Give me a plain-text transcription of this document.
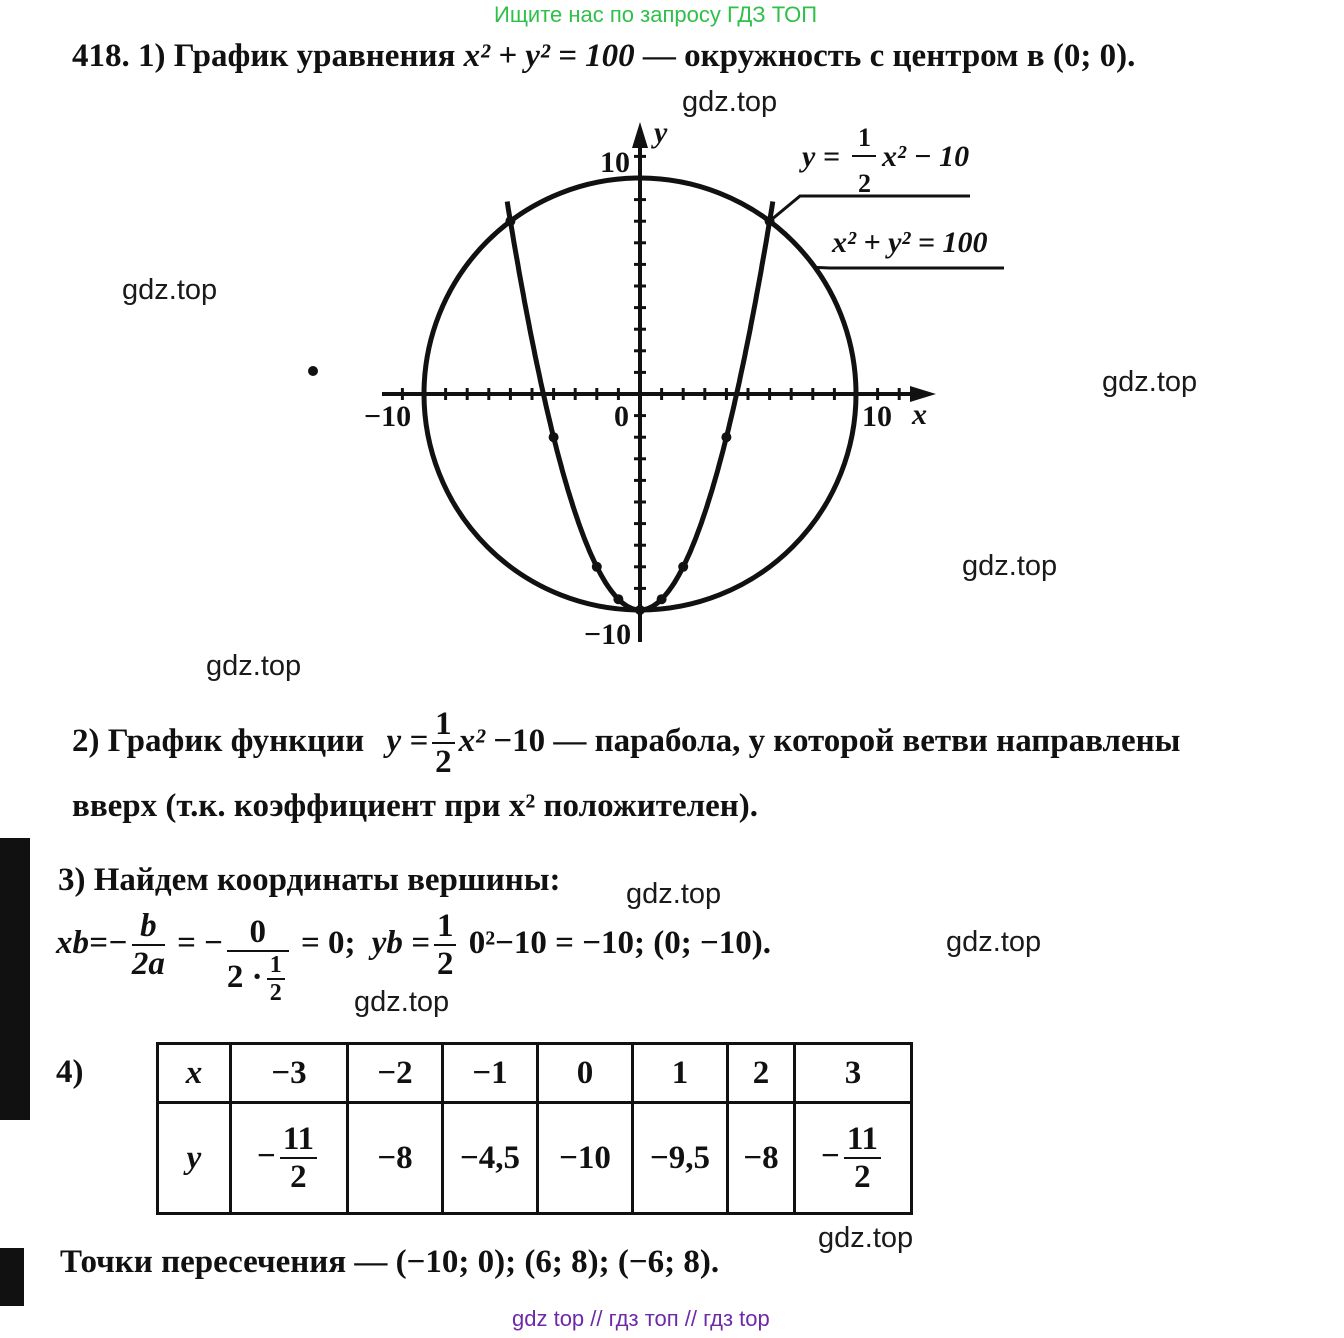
Ищите нас по запросу ГДЗ ТОП
gdz top // гдз топ // гдз top
gdz.top
gdz.top
gdz.top
gdz.top
gdz.top
gdz.top
gdz.top
gdz.top
gdz.top
418. 1) График уравнения x² + y² = 100 — окружность с центром в (0; 0).
y
x
10
−10
−10	10
0
y =
1
2
x² − 10
x² + y² = 100
2) График функции $y = \frac{1}{2} x^2 -10$ — парабола, у которой ветви направлены
вверх (т.к. коэффициент при x² положителен).
3) Найдем координаты вершины:
$xb=- \frac{b}{2a}$ = − $\frac{0}{2 \cdot \frac{1}{2}} = 0$; yb = $\frac{1}{2} 0^2-10 = -10$; (0; −10).
4)	x	−3	−2	−1	0	1	2	3
y	− $\frac{11}{2}$	−8	−4,5	−10	−9,5	−8	− $\frac{11}{2}$
Точки пересечения — (−10; 0); (6; 8); (−6; 8).
